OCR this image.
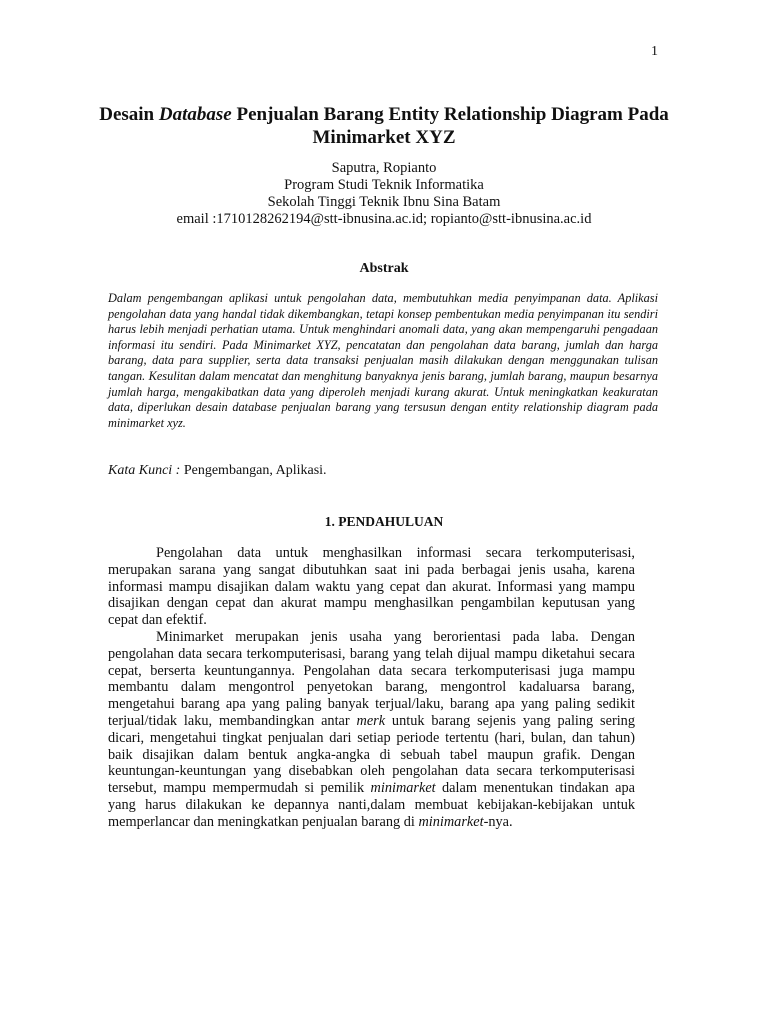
1
Desain Database Penjualan Barang Entity Relationship Diagram Pada Minimarket XYZ
Saputra, Ropianto
Program Studi Teknik Informatika
Sekolah Tinggi Teknik Ibnu Sina Batam
email :1710128262194@stt-ibnusina.ac.id; ropianto@stt-ibnusina.ac.id
Abstrak

Dalam pengembangan aplikasi untuk pengolahan data, membutuhkan media penyimpanan data. Aplikasi pengolahan data yang handal tidak dikembangkan, tetapi konsep pembentukan media penyimpanan itu sendiri harus lebih menjadi perhatian utama. Untuk menghindari anomali data, yang akan mempengaruhi pengadaan informasi itu sendiri. Pada Minimarket XYZ, pencatatan dan pengolahan data barang, jumlah dan harga barang, data para supplier, serta data transaksi penjualan masih dilakukan dengan menggunakan tulisan tangan. Kesulitan dalam mencatat dan menghitung banyaknya jenis barang, jumlah barang, maupun besarnya jumlah harga, mengakibatkan data yang diperoleh menjadi kurang akurat. Untuk meningkatkan keakuratan data, diperlukan desain database penjualan barang yang tersusun dengan entity relationship diagram pada minimarket xyz.

Kata Kunci : Pengembangan, Aplikasi.
1. PENDAHULUAN

Pengolahan data untuk menghasilkan informasi secara terkomputerisasi, merupakan sarana yang sangat dibutuhkan saat ini pada berbagai jenis usaha, karena informasi mampu disajikan dalam waktu yang cepat dan akurat. Informasi yang mampu disajikan dengan cepat dan akurat mampu menghasilkan pengambilan keputusan yang cepat dan efektif.

Minimarket merupakan jenis usaha yang berorientasi pada laba. Dengan pengolahan data secara terkomputerisasi, barang yang telah dijual mampu diketahui secara cepat, berserta keuntungannya. Pengolahan data secara terkomputerisasi juga mampu membantu dalam mengontrol penyetokan barang, mengontrol kadaluarsa barang, mengetahui barang apa yang paling banyak terjual/laku, barang apa yang paling sedikit terjual/tidak laku, membandingkan antar merk untuk barang sejenis yang paling sering dicari, mengetahui tingkat penjualan dari setiap periode tertentu (hari, bulan, dan tahun) baik disajikan dalam bentuk angka-angka di sebuah tabel maupun grafik. Dengan keuntungan-keuntungan yang disebabkan oleh pengolahan data secara terkomputerisasi tersebut, mampu mempermudah si pemilik minimarket dalam menentukan tindakan apa yang harus dilakukan ke depannya nanti,dalam membuat kebijakan-kebijakan untuk memperlancar dan meningkatkan penjualan barang di minimarket-nya.
